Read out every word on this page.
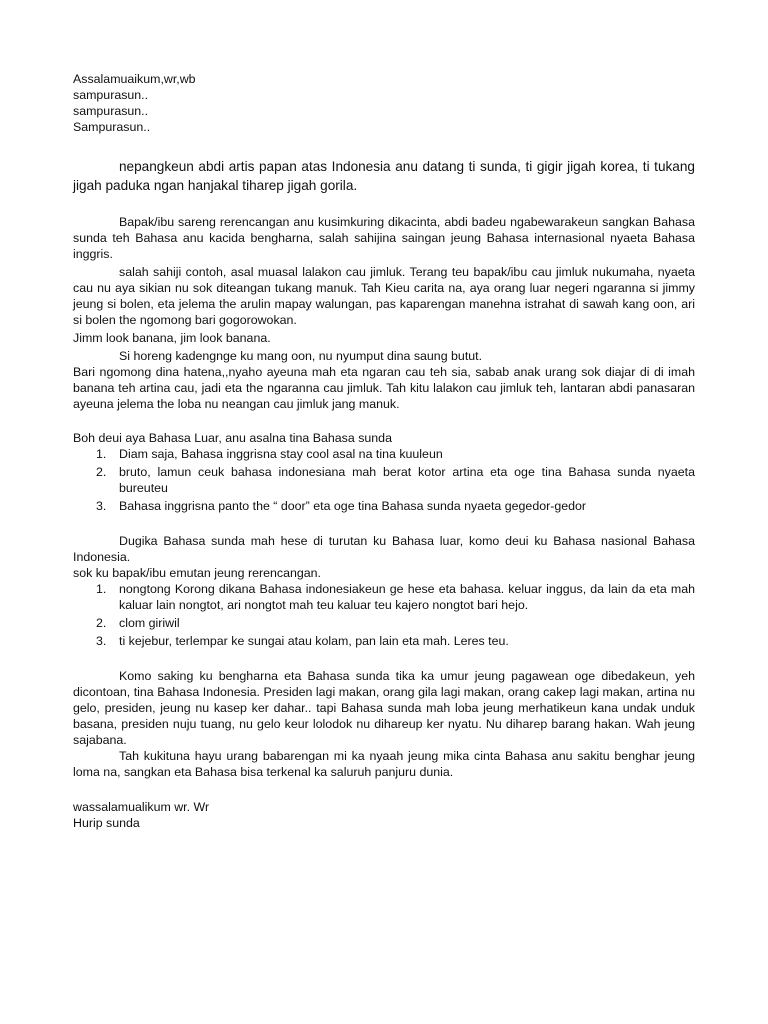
Assalamuaikum,wr,wb

sampurasun..

sampurasun..

Sampurasun..

nepangkeun abdi artis papan atas Indonesia anu datang ti sunda, ti gigir jigah korea, ti tukang jigah paduka ngan hanjakal tiharep jigah gorila.

Bapak/ibu sareng rerencangan anu kusimkuring dikacinta, abdi badeu ngabewarakeun sangkan Bahasa sunda teh Bahasa anu kacida bengharna, salah sahijina saingan jeung Bahasa internasional nyaeta Bahasa inggris.

salah sahiji contoh, asal muasal lalakon cau jimluk. Terang teu bapak/ibu cau jimluk nukumaha, nyaeta cau nu aya sikian nu sok diteangan tukang manuk. Tah Kieu carita na, aya orang luar negeri ngaranna si jimmy jeung si bolen, eta jelema the arulin mapay walungan, pas kaparengan manehna istrahat di sawah kang oon, ari si bolen the ngomong bari gogorowokan.

Jimm look banana, jim look banana.

Si horeng kadengnge ku mang oon, nu nyumput dina saung butut.

Bari ngomong dina hatena,,nyaho ayeuna mah eta ngaran cau teh sia, sabab anak urang sok diajar di di imah banana teh artina cau, jadi eta the ngaranna cau jimluk. Tah kitu lalakon cau jimluk teh, lantaran abdi panasaran ayeuna jelema the loba nu neangan cau jimluk jang manuk.

Boh deui aya Bahasa Luar, anu asalna tina Bahasa sunda

1. Diam saja, Bahasa inggrisna stay cool asal na tina kuuleun
2. bruto, lamun ceuk bahasa indonesiana mah berat kotor artina eta oge tina Bahasa sunda nyaeta bureuteu
3. Bahasa inggrisna panto the “ door” eta oge tina Bahasa sunda nyaeta gegedor-gedor

Dugika Bahasa sunda mah hese di turutan ku Bahasa luar, komo deui ku Bahasa nasional Bahasa Indonesia.

sok ku bapak/ibu emutan jeung rerencangan.

1. nongtong Korong dikana Bahasa indonesiakeun ge hese eta bahasa. keluar inggus, da lain da eta mah kaluar lain nongtot, ari nongtot mah teu kaluar teu kajero nongtot bari hejo.
2. clom giriwil
3. ti kejebur, terlempar ke sungai atau kolam, pan lain eta mah. Leres teu.

Komo saking ku bengharna eta Bahasa sunda tika ka umur jeung pagawean oge dibedakeun, yeh dicontoan, tina Bahasa Indonesia. Presiden lagi makan, orang gila lagi makan, orang cakep lagi makan, artina nu gelo, presiden, jeung nu kasep ker dahar.. tapi Bahasa sunda mah loba jeung merhatikeun kana undak unduk basana, presiden nuju tuang, nu gelo keur lolodok nu dihareup ker nyatu. Nu diharep barang hakan. Wah jeung sajabana.

Tah kukituna hayu urang babarengan mi ka nyaah jeung mika cinta Bahasa anu sakitu benghar jeung loma na, sangkan eta Bahasa bisa terkenal ka saluruh panjuru dunia.

wassalamualikum wr. Wr

Hurip sunda
